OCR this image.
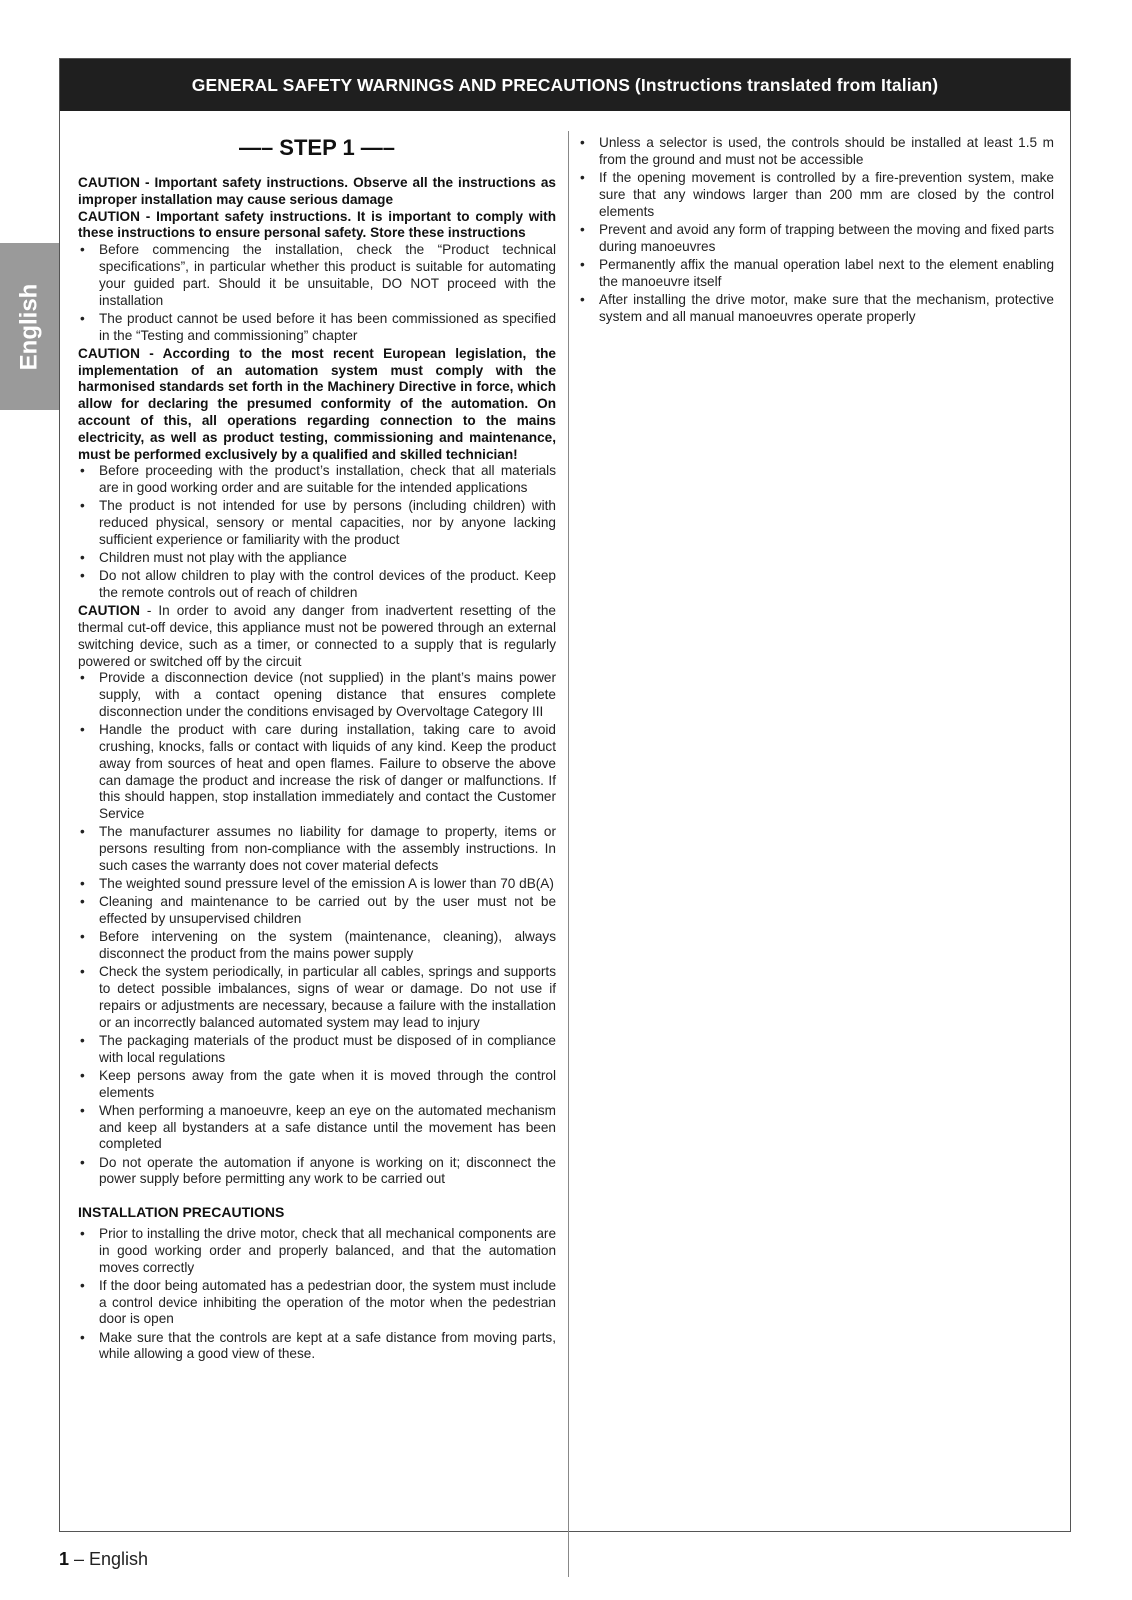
English
GENERAL SAFETY WARNINGS AND PRECAUTIONS (Instructions translated from Italian)
—– STEP 1 —–

CAUTION - Important safety instructions. Observe all the instructions as improper installation may cause serious damage

CAUTION - Important safety instructions. It is important to comply with these instructions to ensure personal safety. Store these instructions

• Before commencing the installation, check the “Product technical specifications”, in particular whether this product is suitable for automating your guided part. Should it be unsuitable, DO NOT proceed with the installation
• The product cannot be used before it has been commissioned as specified in the “Testing and commissioning” chapter

CAUTION - According to the most recent European legislation, the implementation of an automation system must comply with the harmonised standards set forth in the Machinery Directive in force, which allow for declaring the presumed conformity of the automation. On account of this, all operations regarding connection to the mains electricity, as well as product testing, commissioning and maintenance, must be performed exclusively by a qualified and skilled technician!

• Before proceeding with the product’s installation, check that all materials are in good working order and are suitable for the intended applications
• The product is not intended for use by persons (including children) with reduced physical, sensory or mental capacities, nor by anyone lacking sufficient experience or familiarity with the product
• Children must not play with the appliance
• Do not allow children to play with the control devices of the product. Keep the remote controls out of reach of children

CAUTION - In order to avoid any danger from inadvertent resetting of the thermal cut-off device, this appliance must not be powered through an external switching device, such as a timer, or connected to a supply that is regularly powered or switched off by the circuit

• Provide a disconnection device (not supplied) in the plant’s mains power supply, with a contact opening distance that ensures complete disconnection under the conditions envisaged by Overvoltage Category III
• Handle the product with care during installation, taking care to avoid crushing, knocks, falls or contact with liquids of any kind. Keep the product away from sources of heat and open flames. Failure to observe the above can damage the product and increase the risk of danger or malfunctions. If this should happen, stop installation immediately and contact the Customer Service
• The manufacturer assumes no liability for damage to property, items or persons resulting from non-compliance with the assembly instructions. In such cases the warranty does not cover material defects
• The weighted sound pressure level of the emission A is lower than 70 dB(A)
• Cleaning and maintenance to be carried out by the user must not be effected by unsupervised children
• Before intervening on the system (maintenance, cleaning), always disconnect the product from the mains power supply
• Check the system periodically, in particular all cables, springs and supports to detect possible imbalances, signs of wear or damage. Do not use if repairs or adjustments are necessary, because a failure with the installation or an incorrectly balanced automated system may lead to injury
• The packaging materials of the product must be disposed of in compliance with local regulations
• Keep persons away from the gate when it is moved through the control elements
• When performing a manoeuvre, keep an eye on the automated mechanism and keep all bystanders at a safe distance until the movement has been completed
• Do not operate the automation if anyone is working on it; disconnect the power supply before permitting any work to be carried out
INSTALLATION PRECAUTIONS
• Prior to installing the drive motor, check that all mechanical components are in good working order and properly balanced, and that the automation moves correctly
• If the door being automated has a pedestrian door, the system must include a control device inhibiting the operation of the motor when the pedestrian door is open
• Make sure that the controls are kept at a safe distance from moving parts, while allowing a good view of these.
• Unless a selector is used, the controls should be installed at least 1.5 m from the ground and must not be accessible
• If the opening movement is controlled by a fire-prevention system, make sure that any windows larger than 200 mm are closed by the control elements
• Prevent and avoid any form of trapping between the moving and fixed parts during manoeuvres
• Permanently affix the manual operation label next to the element enabling the manoeuvre itself
• After installing the drive motor, make sure that the mechanism, protective system and all manual manoeuvres operate properly
1 – English
